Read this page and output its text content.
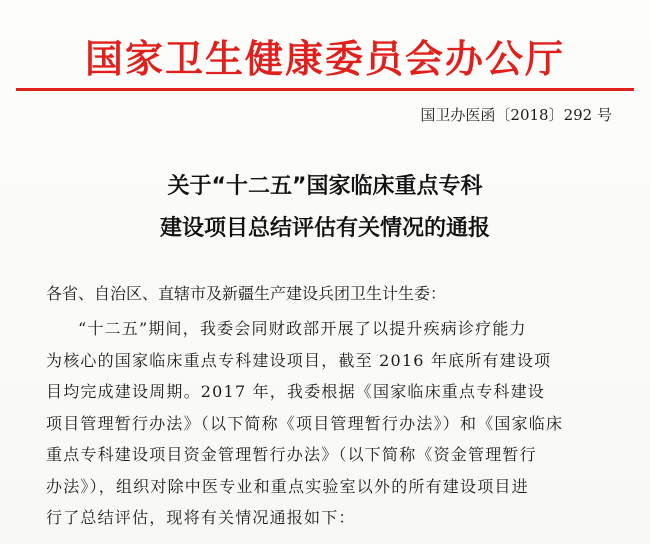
国家卫生健康委员会办公厅
国卫办医函〔2018〕292 号
关于“十二五”国家临床重点专科
建设项目总结评估有关情况的通报
各省、自治区、直辖市及新疆生产建设兵团卫生计生委：
“十二五”期间，我委会同财政部开展了以提升疾病诊疗能力
为核心的国家临床重点专科建设项目，截至 2016 年底所有建设项
目均完成建设周期。2017 年，我委根据《国家临床重点专科建设
项目管理暂行办法》（以下简称《项目管理暂行办法》）和《国家临床
重点专科建设项目资金管理暂行办法》（以下简称《资金管理暂行
办法》），组织对除中医专业和重点实验室以外的所有建设项目进
行了总结评估，现将有关情况通报如下：
